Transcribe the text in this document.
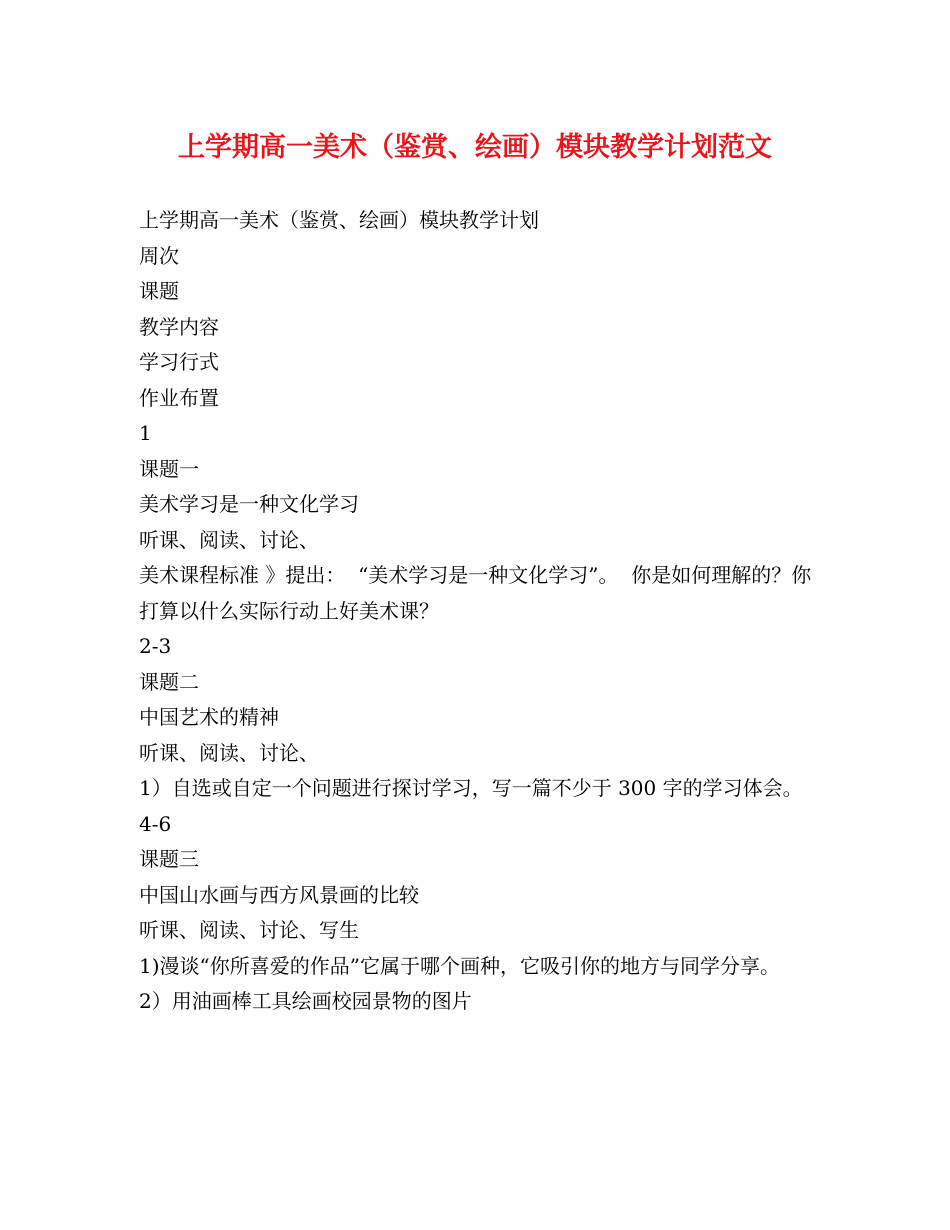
上学期高一美术（鉴赏、绘画）模块教学计划范文
上学期高一美术（鉴赏、绘画）模块教学计划
周次
课题
教学内容
学习行式
作业布置
1
课题一
美术学习是一种文化学习
听课、阅读、讨论、
美术课程标准 》提出：  “美术学习是一种文化学习”。  你是如何理解的？你打算以什么实际行动上好美术课？
2-3
课题二
中国艺术的精神
听课、阅读、讨论、
1）自选或自定一个问题进行探讨学习，写一篇不少于 300 字的学习体会。
4-6
课题三
中国山水画与西方风景画的比较
听课、阅读、讨论、写生
1)漫谈“你所喜爱的作品”它属于哪个画种，它吸引你的地方与同学分享。
2）用油画棒工具绘画校园景物的图片
